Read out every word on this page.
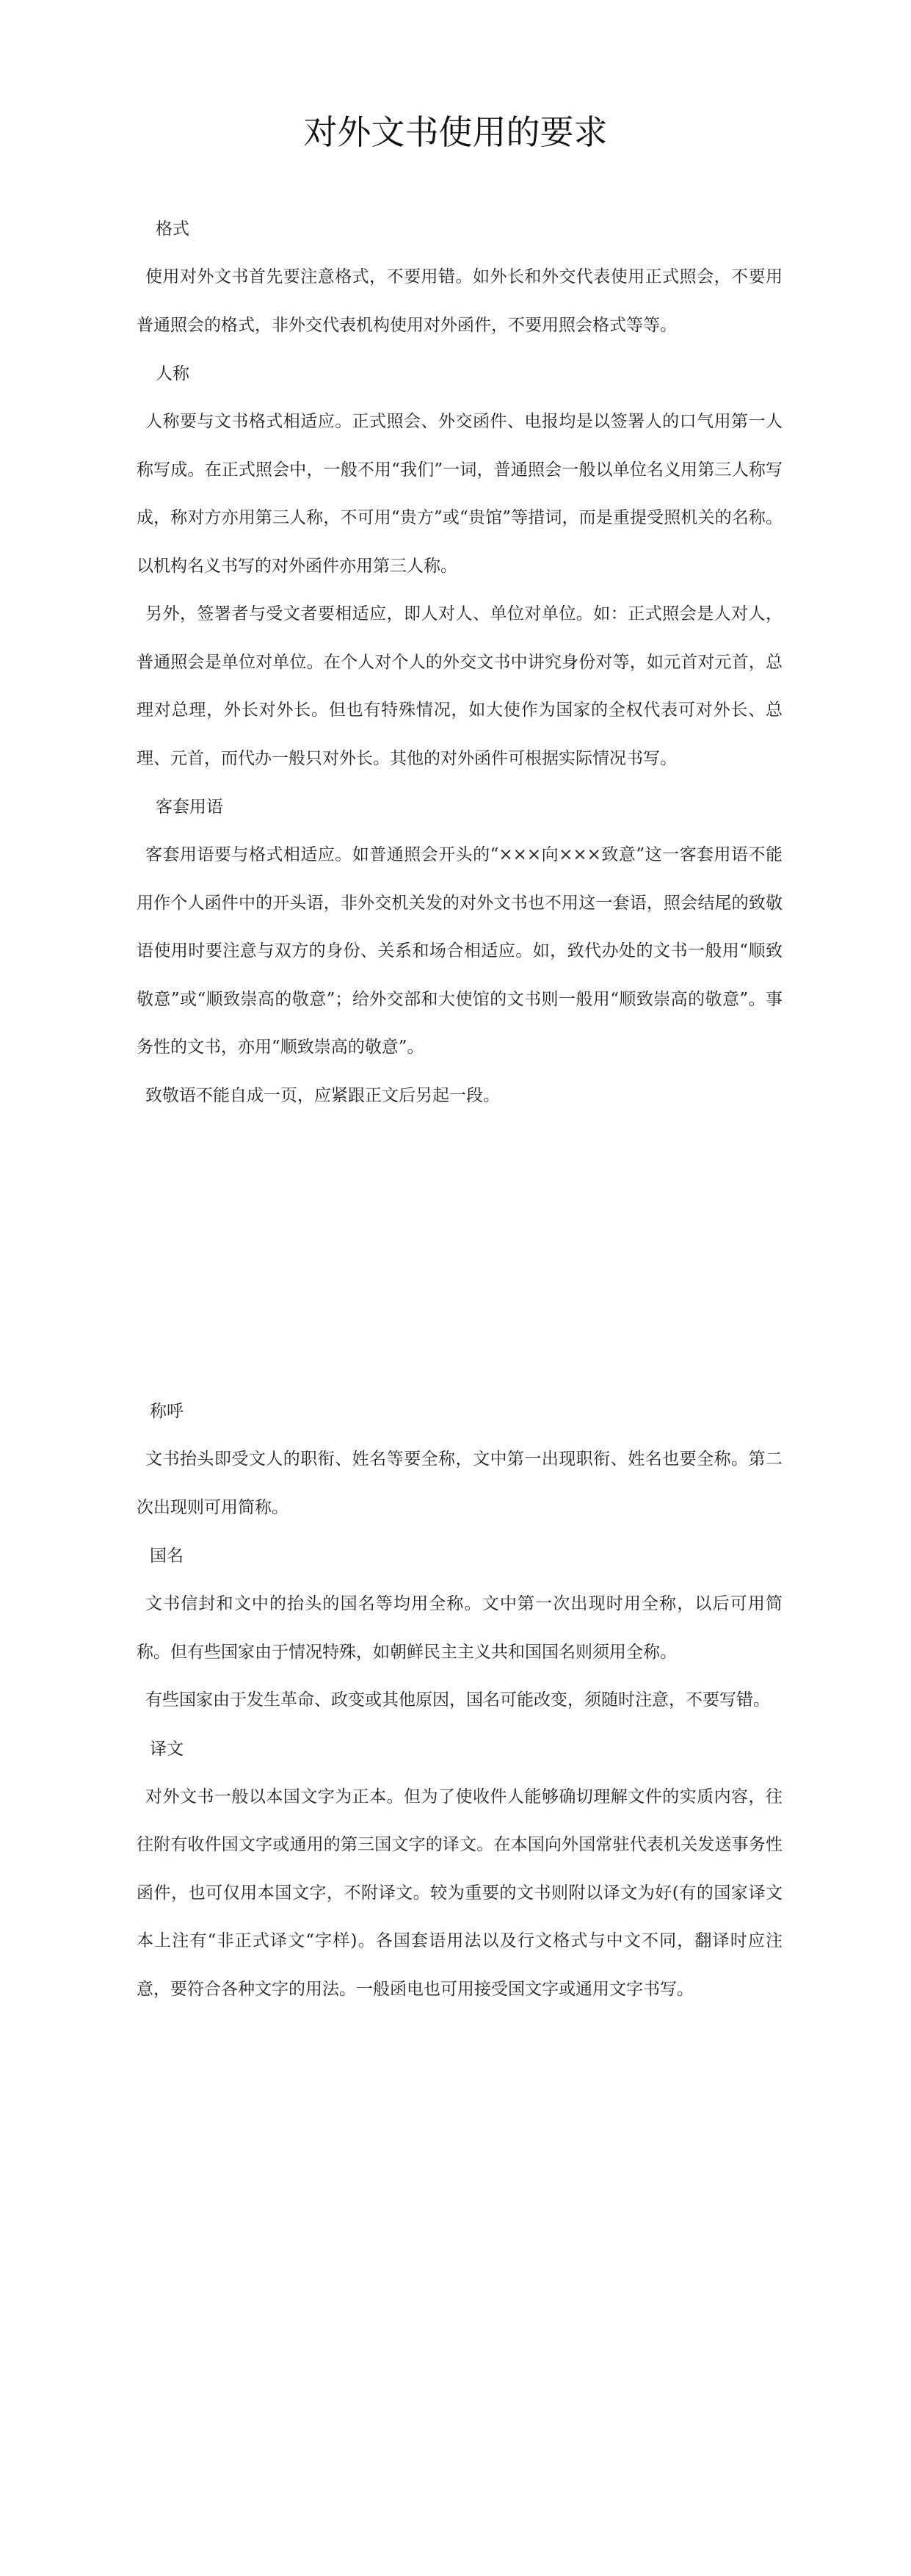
对外文书使用的要求
格式

使用对外文书首先要注意格式，不要用错。如外长和外交代表使用正式照会，不要用普通照会的格式，非外交代表机构使用对外函件，不要用照会格式等等。

人称

人称要与文书格式相适应。正式照会、外交函件、电报均是以签署人的口气用第一人称写成。在正式照会中，一般不用“我们”一词，普通照会一般以单位名义用第三人称写成，称对方亦用第三人称，不可用“贵方”或“贵馆”等措词，而是重提受照机关的名称。以机构名义书写的对外函件亦用第三人称。

另外，签署者与受文者要相适应，即人对人、单位对单位。如：正式照会是人对人，普通照会是单位对单位。在个人对个人的外交文书中讲究身份对等，如元首对元首，总理对总理，外长对外长。但也有特殊情况，如大使作为国家的全权代表可对外长、总理、元首，而代办一般只对外长。其他的对外函件可根据实际情况书写。

客套用语

客套用语要与格式相适应。如普通照会开头的“×××向×××致意”这一客套用语不能用作个人函件中的开头语，非外交机关发的对外文书也不用这一套语，照会结尾的致敬语使用时要注意与双方的身份、关系和场合相适应。如，致代办处的文书一般用“顺致敬意”或“顺致崇高的敬意”；给外交部和大使馆的文书则一般用“顺致崇高的敬意”。事务性的文书，亦用“顺致崇高的敬意”。

致敬语不能自成一页，应紧跟正文后另起一段。

称呼

文书抬头即受文人的职衔、姓名等要全称，文中第一出现职衔、姓名也要全称。第二次出现则可用简称。

国名

文书信封和文中的抬头的国名等均用全称。文中第一次出现时用全称，以后可用简称。但有些国家由于情况特殊，如朝鲜民主主义共和国国名则须用全称。

有些国家由于发生革命、政变或其他原因，国名可能改变，须随时注意，不要写错。

译文

对外文书一般以本国文字为正本。但为了使收件人能够确切理解文件的实质内容，往往附有收件国文字或通用的第三国文字的译文。在本国向外国常驻代表机关发送事务性函件，也可仅用本国文字，不附译文。较为重要的文书则附以译文为好(有的国家译文本上注有“非正式译文“字样)。各国套语用法以及行文格式与中文不同，翻译时应注意，要符合各种文字的用法。一般函电也可用接受国文字或通用文字书写。
